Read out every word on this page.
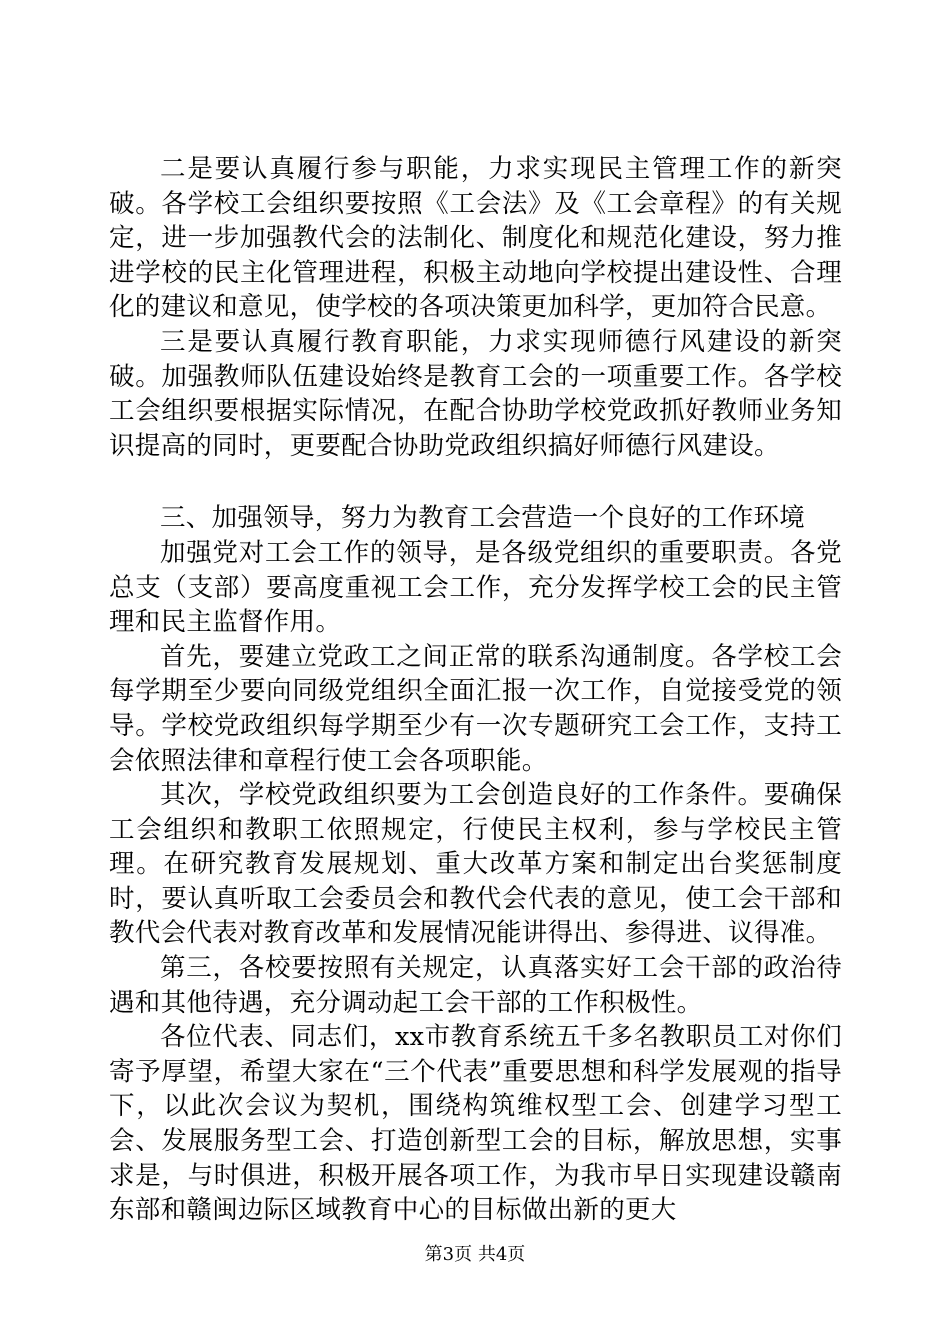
二是要认真履行参与职能，力求实现民主管理工作的新突破。各学校工会组织要按照《工会法》及《工会章程》的有关规定，进一步加强教代会的法制化、制度化和规范化建设，努力推进学校的民主化管理进程，积极主动地向学校提出建设性、合理化的建议和意见，使学校的各项决策更加科学，更加符合民意。

三是要认真履行教育职能，力求实现师德行风建设的新突破。加强教师队伍建设始终是教育工会的一项重要工作。各学校工会组织要根据实际情况，在配合协助学校党政抓好教师业务知识提高的同时，更要配合协助党政组织搞好师德行风建设。

三、加强领导，努力为教育工会营造一个良好的工作环境

加强党对工会工作的领导，是各级党组织的重要职责。各党总支（支部）要高度重视工会工作，充分发挥学校工会的民主管理和民主监督作用。

首先，要建立党政工之间正常的联系沟通制度。各学校工会每学期至少要向同级党组织全面汇报一次工作，自觉接受党的领导。学校党政组织每学期至少有一次专题研究工会工作，支持工会依照法律和章程行使工会各项职能。

其次，学校党政组织要为工会创造良好的工作条件。要确保工会组织和教职工依照规定，行使民主权利，参与学校民主管理。在研究教育发展规划、重大改革方案和制定出台奖惩制度时，要认真听取工会委员会和教代会代表的意见，使工会干部和教代会代表对教育改革和发展情况能讲得出、参得进、议得准。

第三，各校要按照有关规定，认真落实好工会干部的政治待遇和其他待遇，充分调动起工会干部的工作积极性。

各位代表、同志们，xx市教育系统五千多名教职员工对你们寄予厚望，希望大家在“三个代表”重要思想和科学发展观的指导下，以此次会议为契机，围绕构筑维权型工会、创建学习型工会、发展服务型工会、打造创新型工会的目标，解放思想，实事求是，与时俱进，积极开展各项工作，为我市早日实现建设赣南东部和赣闽边际区域教育中心的目标做出新的更大

第3页 共4页
